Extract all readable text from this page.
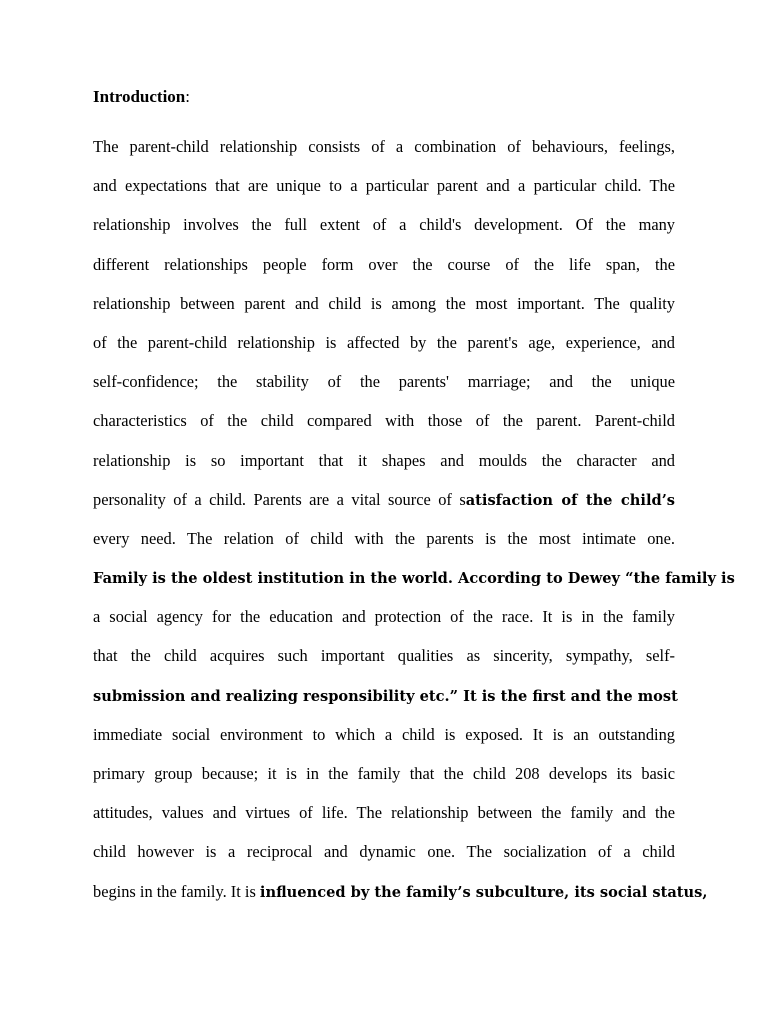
Introduction:
The parent-child relationship consists of a combination of behaviours, feelings,
and expectations that are unique to a particular parent and a particular child. The
relationship involves the full extent of a child's development. Of the many
different relationships people form over the course of the life span, the
relationship between parent and child is among the most important. The quality
of the parent-child relationship is affected by the parent's age, experience, and
self-confidence; the stability of the parents' marriage; and the unique
characteristics of the child compared with those of the parent. Parent-child
relationship is so important that it shapes and moulds the character and
personality of a child. Parents are a vital source of satisfaction of the child’s
every need. The relation of child with the parents is the most intimate one.
Family is the oldest institution in the world. According to Dewey “the family is
a social agency for the education and protection of the race. It is in the family
that the child acquires such important qualities as sincerity, sympathy, self-
submission and realizing responsibility etc.” It is the first and the most
immediate social environment to which a child is exposed. It is an outstanding
primary group because; it is in the family that the child 208 develops its basic
attitudes, values and virtues of life. The relationship between the family and the
child however is a reciprocal and dynamic one. The socialization of a child
begins in the family. It is influenced by the family’s subculture, its social status,
